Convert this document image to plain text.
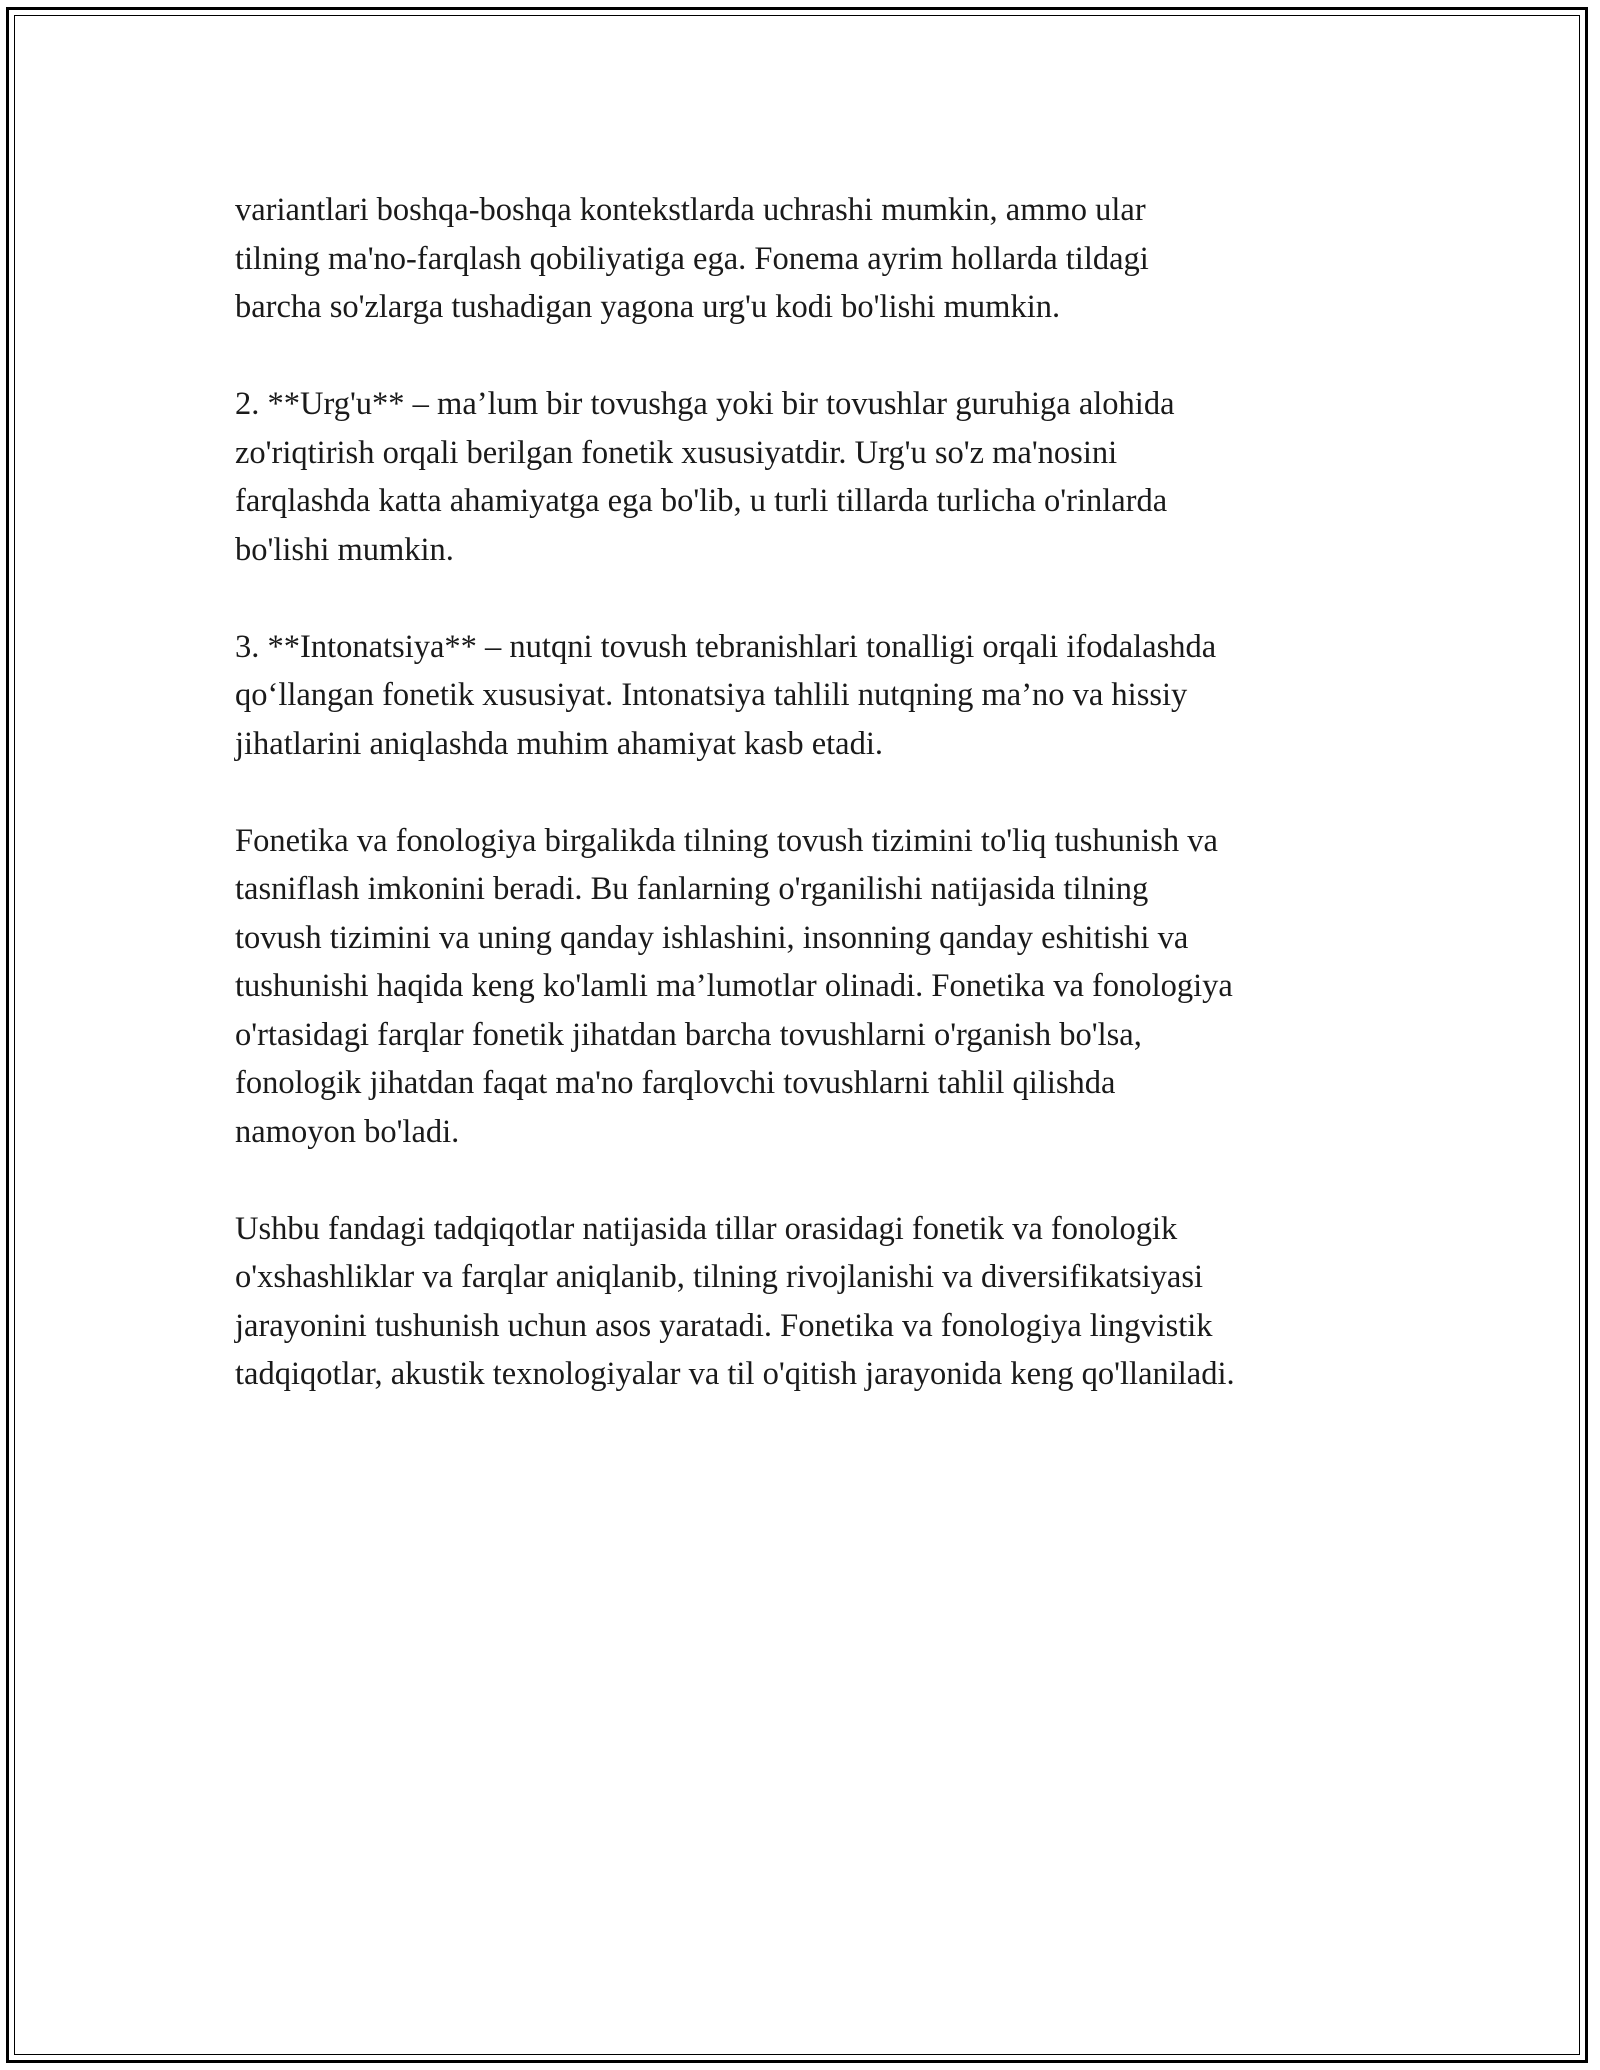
variantlari boshqa-boshqa kontekstlarda uchrashi mumkin, ammo ular
tilning ma'no-farqlash qobiliyatiga ega. Fonema ayrim hollarda tildagi
barcha so'zlarga tushadigan yagona urg'u kodi bo'lishi mumkin.

2. **Urg'u** – ma’lum bir tovushga yoki bir tovushlar guruhiga alohida
zo'riqtirish orqali berilgan fonetik xususiyatdir. Urg'u so'z ma'nosini
farqlashda katta ahamiyatga ega bo'lib, u turli tillarda turlicha o'rinlarda
bo'lishi mumkin.

3. **Intonatsiya** – nutqni tovush tebranishlari tonalligi orqali ifodalashda
qo‘llangan fonetik xususiyat. Intonatsiya tahlili nutqning ma’no va hissiy
jihatlarini aniqlashda muhim ahamiyat kasb etadi.

Fonetika va fonologiya birgalikda tilning tovush tizimini to'liq tushunish va
tasniflash imkonini beradi. Bu fanlarning o'rganilishi natijasida tilning
tovush tizimini va uning qanday ishlashini, insonning qanday eshitishi va
tushunishi haqida keng ko'lamli ma’lumotlar olinadi. Fonetika va fonologiya
o'rtasidagi farqlar fonetik jihatdan barcha tovushlarni o'rganish bo'lsa,
fonologik jihatdan faqat ma'no farqlovchi tovushlarni tahlil qilishda
namoyon bo'ladi.

Ushbu fandagi tadqiqotlar natijasida tillar orasidagi fonetik va fonologik
o'xshashliklar va farqlar aniqlanib, tilning rivojlanishi va diversifikatsiyasi
jarayonini tushunish uchun asos yaratadi. Fonetika va fonologiya lingvistik
tadqiqotlar, akustik texnologiyalar va til o'qitish jarayonida keng qo'llaniladi.
